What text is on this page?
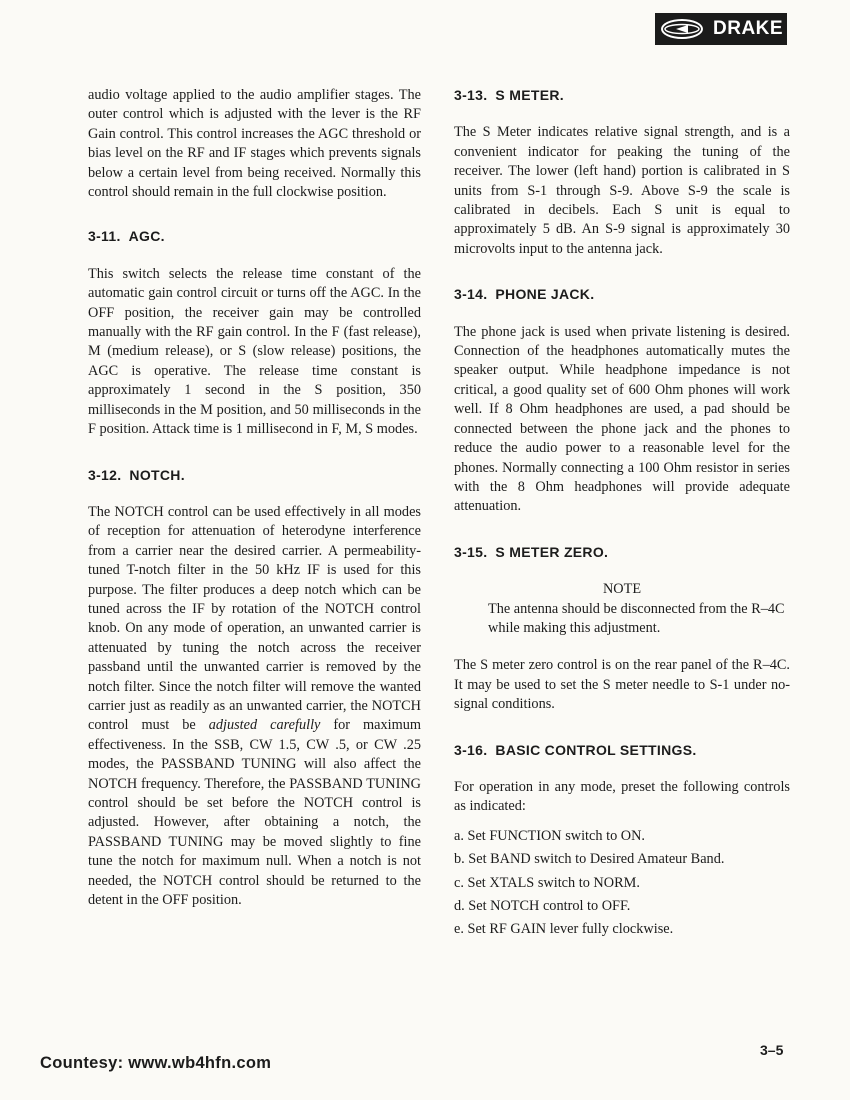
DRAKE

audio voltage applied to the audio amplifier stages. The outer control which is adjusted with the lever is the RF Gain control. This control increases the AGC threshold or bias level on the RF and IF stages which prevents signals below a certain level from being received. Normally this control should remain in the full clockwise position.

3-11. AGC.

This switch selects the release time constant of the automatic gain control circuit or turns off the AGC. In the OFF position, the receiver gain may be controlled manually with the RF gain control. In the F (fast release), M (medium release), or S (slow release) positions, the AGC is operative. The release time constant is approximately 1 second in the S position, 350 milliseconds in the M position, and 50 milliseconds in the F position. Attack time is 1 millisecond in F, M, S modes.

3-12. NOTCH.

The NOTCH control can be used effectively in all modes of reception for attenuation of heterodyne interference from a carrier near the desired carrier. A permeability-tuned T-notch filter in the 50 kHz IF is used for this purpose. The filter produces a deep notch which can be tuned across the IF by rotation of the NOTCH control knob. On any mode of operation, an unwanted carrier is attenuated by tuning the notch across the receiver passband until the unwanted carrier is removed by the notch filter. Since the notch filter will remove the wanted carrier just as readily as an unwanted carrier, the NOTCH control must be adjusted carefully for maximum effectiveness. In the SSB, CW 1.5, CW .5, or CW .25 modes, the PASSBAND TUNING will also affect the NOTCH frequency. Therefore, the PASSBAND TUNING control should be set before the NOTCH control is adjusted. However, after obtaining a notch, the PASSBAND TUNING may be moved slightly to fine tune the notch for maximum null. When a notch is not needed, the NOTCH control should be returned to the detent in the OFF position.

3-13. S METER.

The S Meter indicates relative signal strength, and is a convenient indicator for peaking the tuning of the receiver. The lower (left hand) portion is calibrated in S units from S-1 through S-9. Above S-9 the scale is calibrated in decibels. Each S unit is equal to approximately 5 dB. An S-9 signal is approximately 30 microvolts input to the antenna jack.

3-14. PHONE JACK.

The phone jack is used when private listening is desired. Connection of the headphones automatically mutes the speaker output. While headphone impedance is not critical, a good quality set of 600 Ohm phones will work well. If 8 Ohm headphones are used, a pad should be connected between the phone jack and the phones to reduce the audio power to a reasonable level for the phones. Normally connecting a 100 Ohm resistor in series with the 8 Ohm headphones will provide adequate attenuation.

3-15. S METER ZERO.

NOTE

The antenna should be disconnected from the R–4C while making this adjustment.

The S meter zero control is on the rear panel of the R–4C. It may be used to set the S meter needle to S-1 under no-signal conditions.

3-16. BASIC CONTROL SETTINGS.

For operation in any mode, preset the following controls as indicated:

a. Set FUNCTION switch to ON.
b. Set BAND switch to Desired Amateur Band.
c. Set XTALS switch to NORM.
d. Set NOTCH control to OFF.
e. Set RF GAIN lever fully clockwise.
Countesy: www.wb4hfn.com
3–5
